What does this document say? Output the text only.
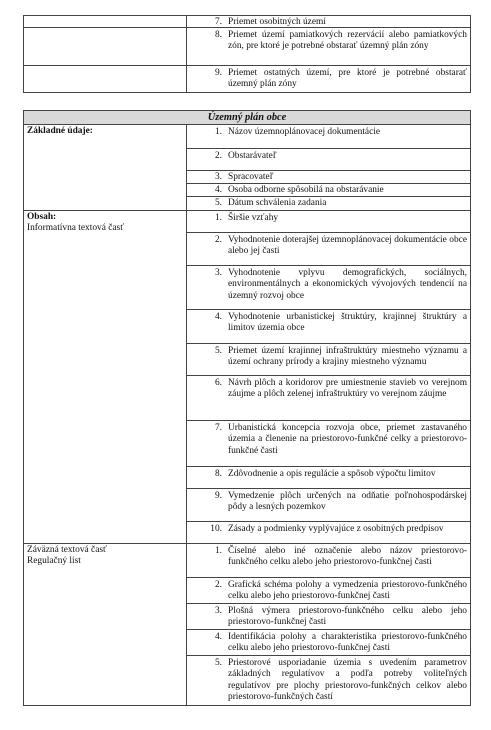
7. Priemet osobitných území
8. Priemet území pamiatkových rezervácií alebo pamiatkových zón, pre ktoré je potrebné obstarať územný plán zóny
9. Priemet ostatných území, pre ktoré je potrebné obstarať územný plán zóny
Územný plán obce
Základné údaje:	1. Názov územnoplánovacej dokumentácie
2. Obstarávateľ
3. Spracovateľ
4. Osoba odborne spôsobilá na obstarávanie
5. Dátum schválenia zadania
Obsah:
Informatívna textová časť
1. Širšie vzťahy
2. Vyhodnotenie doterajšej územnoplánovacej dokumentácie obce alebo jej časti
3. Vyhodnotenie vplyvu demografických, sociálnych, environmentálnych a ekonomických vývojových tendencií na územný rozvoj obce
4. Vyhodnotenie urbanistickej štruktúry, krajinnej štruktúry a limitov územia obce
5. Priemet území krajinnej infraštruktúry miestneho významu a území ochrany prírody a krajiny miestneho významu
6. Návrh plôch a koridorov pre umiestnenie stavieb vo verejnom záujme a plôch zelenej infraštruktúry vo verejnom záujme
7. Urbanistická koncepcia rozvoja obce, priemet zastavaného územia a členenie na priestorovo-funkčné celky a priestorovo-funkčné časti
8. Zdôvodnenie a opis regulácie a spôsob výpočtu limitov
9. Vymedzenie plôch určených na odňatie poľnohospodárskej pôdy a lesných pozemkov
10. Zásady a podmienky vyplývajúce z osobitných predpisov
Záväzná textová časť
Regulačný list
1. Číselné alebo iné označenie alebo názov priestorovo-funkčného celku alebo jeho priestorovo-funkčnej časti
2. Grafická schéma polohy a vymedzenia priestorovo-funkčného celku alebo jeho priestorovo-funkčnej časti
3. Plošná výmera priestorovo-funkčného celku alebo jeho priestorovo-funkčnej časti
4. Identifikácia polohy a charakteristika priestorovo-funkčného celku alebo jeho priestorovo-funkčnej časti
5. Priestorové usporiadanie územia s uvedením parametrov základných regulatívov a podľa potreby voliteľných regulatívov pre plochy priestorovo-funkčných celkov alebo priestorovo-funkčných častí
